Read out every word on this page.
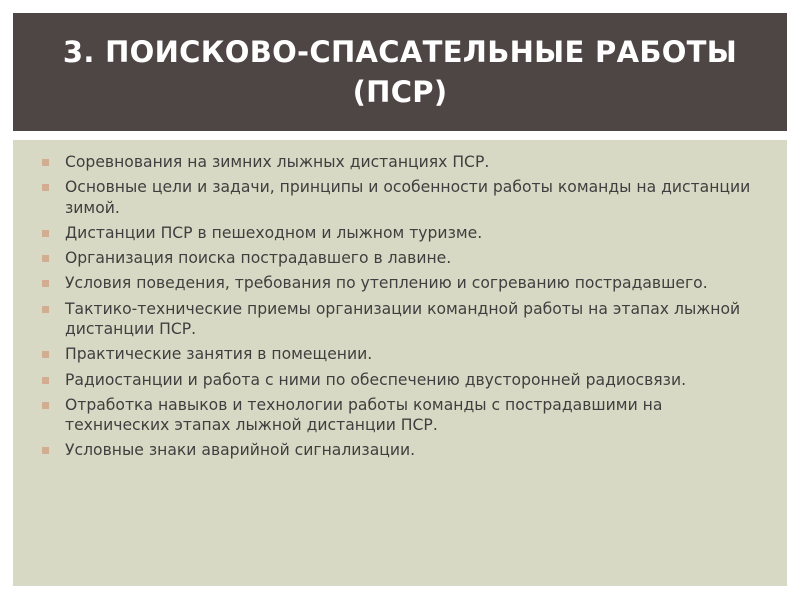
3. ПОИСКОВО-СПАСАТЕЛЬНЫЕ РАБОТЫ (ПСР)
Соревнования на зимних лыжных дистанциях ПСР.
Основные цели и задачи, принципы и особенности работы команды на дистанции зимой.
Дистанции ПСР в пешеходном и лыжном туризме.
Организация поиска пострадавшего в лавине.
Условия поведения, требования по утеплению и согреванию пострадавшего.
Тактико-технические приемы организации командной работы на этапах лыжной дистанции ПСР.
Практические занятия в помещении.
Радиостанции и работа с ними по обеспечению двусторонней радиосвязи.
Отработка навыков и технологии работы команды с пострадавшими на технических этапах лыжной дистанции ПСР.
Условные знаки аварийной сигнализации.
